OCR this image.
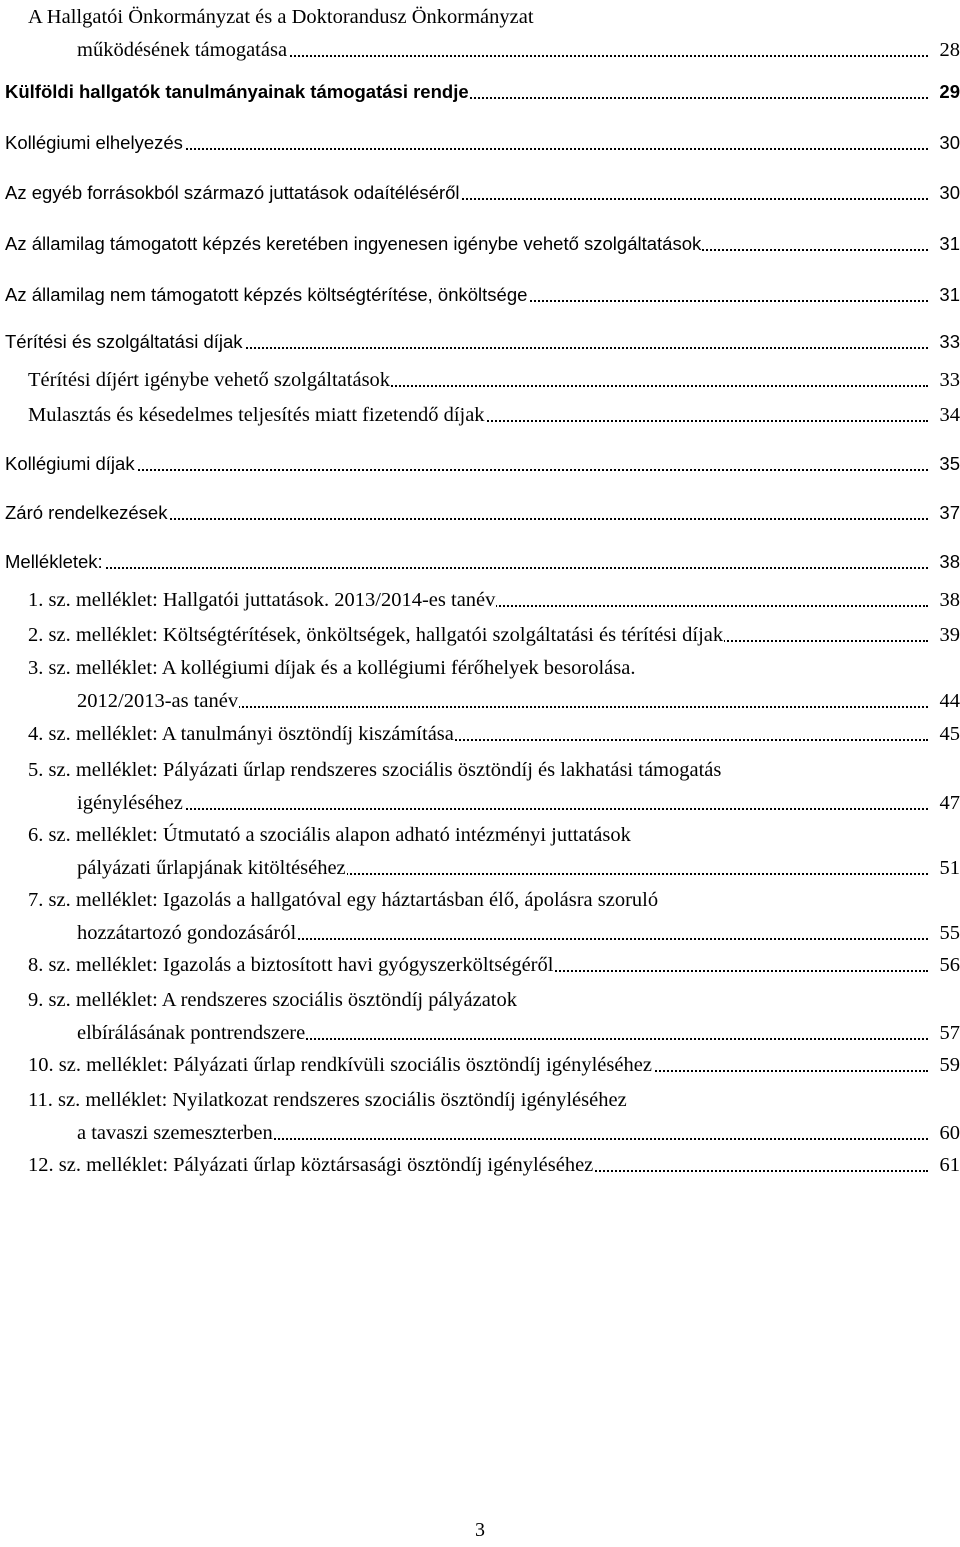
A Hallgatói Önkormányzat és a Doktorandusz Önkormányzat
működésének támogatása	28
Külföldi hallgatók tanulmányainak támogatási rendje	29
Kollégiumi elhelyezés	30
Az egyéb forrásokból származó juttatások odaítéléséről	30
Az államilag támogatott képzés keretében ingyenesen igénybe vehető szolgáltatások	31
Az államilag nem támogatott képzés költségtérítése, önköltsége	31
Térítési és szolgáltatási díjak	33
Térítési díjért igénybe vehető szolgáltatások	33
Mulasztás és késedelmes teljesítés miatt fizetendő díjak	34
Kollégiumi díjak	35
Záró rendelkezések	37
Mellékletek:	38
1. sz. melléklet: Hallgatói juttatások. 2013/2014-es tanév	38
2. sz. melléklet: Költségtérítések, önköltségek, hallgatói szolgáltatási és térítési díjak	39
3. sz. melléklet: A kollégiumi díjak és a kollégiumi férőhelyek besorolása.
2012/2013-as tanév	44
4. sz. melléklet: A tanulmányi ösztöndíj kiszámítása	45
5. sz. melléklet: Pályázati űrlap rendszeres szociális ösztöndíj és lakhatási támogatás
igényléséhez	47
6. sz. melléklet: Útmutató a szociális alapon adható intézményi juttatások
pályázati űrlapjának kitöltéséhez	51
7. sz. melléklet: Igazolás a hallgatóval egy háztartásban élő, ápolásra szoruló
hozzátartozó gondozásáról	55
8. sz. melléklet: Igazolás a biztosított havi gyógyszerköltségéről	56
9. sz. melléklet: A rendszeres szociális ösztöndíj pályázatok
elbírálásának pontrendszere	57
10. sz. melléklet: Pályázati űrlap rendkívüli szociális ösztöndíj igényléséhez	59
11. sz. melléklet: Nyilatkozat rendszeres szociális ösztöndíj igényléséhez
a tavaszi szemeszterben	60
12. sz. melléklet: Pályázati űrlap köztársasági ösztöndíj igényléséhez	61
3
